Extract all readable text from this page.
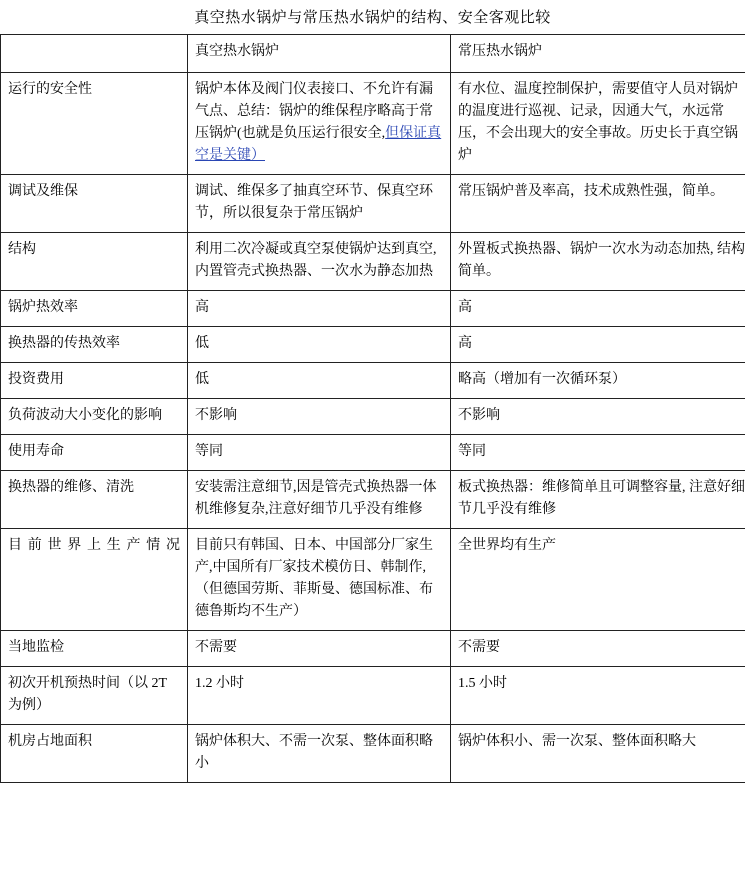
真空热水锅炉与常压热水锅炉的结构、安全客观比较
	真空热水锅炉	常压热水锅炉
运行的安全性	锅炉本体及阀门仪表接口、不允许有漏气点、总结：锅炉的维保程序略高于常压锅炉(也就是负压运行很安全,但保证真空是关键）	有水位、温度控制保护，需要值守人员对锅炉的温度进行巡视、记录，因通大气，水远常压，不会出现大的安全事故。历史长于真空锅炉
调试及维保	调试、维保多了抽真空环节、保真空环节，所以很复杂于常压锅炉	常压锅炉普及率高，技术成熟性强，简单。
结构	利用二次冷凝或真空泵使锅炉达到真空, 内置管壳式换热器、一次水为静态加热	外置板式换热器、锅炉一次水为动态加热, 结构简单。
锅炉热效率	高	高
换热器的传热效率	低	高
投资费用	低	略高（增加有一次循环泵）
负荷波动大小变化的影响	不影响	不影响
使用寿命	等同	等同
换热器的维修、清洗	安装需注意细节,因是管壳式换热器一体机维修复杂,注意好细节几乎没有维修	板式换热器：维修简单且可调整容量, 注意好细节几乎没有维修
目前世界上生产情况	目前只有韩国、日本、中国部分厂家生产,中国所有厂家技术模仿日、韩制作,（但德国劳斯、菲斯曼、德国标准、布德鲁斯均不生产）	全世界均有生产
当地监检	不需要	不需要
初次开机预热时间（以 2T 为例）	1.2 小时	1.5 小时
机房占地面积	锅炉体积大、不需一次泵、整体面积略小	锅炉体积小、需一次泵、整体面积略大
